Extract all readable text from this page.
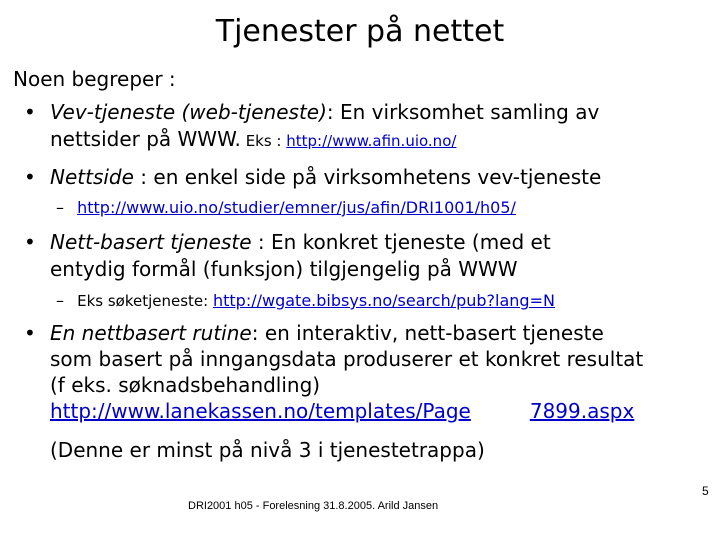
Tjenester på nettet
Noen begreper :
• Vev-tjeneste (web-tjeneste): En virksomhet samling av
nettsider på WWW. Eks : http://www.afin.uio.no/
• Nettside : en enkel side på virksomhetens vev-tjeneste
– http://www.uio.no/studier/emner/jus/afin/DRI1001/h05/
• Nett-basert tjeneste : En konkret tjeneste (med et
entydig formål (funksjon) tilgjengelig på WWW
– Eks søketjeneste: http://wgate.bibsys.no/search/pub?lang=N
• En nettbasert rutine: en interaktiv, nett-basert tjeneste
som basert på inngangsdata produserer et konkret resultat
(f eks. søknadsbehandling)
http://www.lanekassen.no/templates/Page	7899.aspx
(Denne er minst på nivå 3 i tjenestetrappa)
5
DRI2001 h05 - Forelesning 31.8.2005. Arild Jansen
